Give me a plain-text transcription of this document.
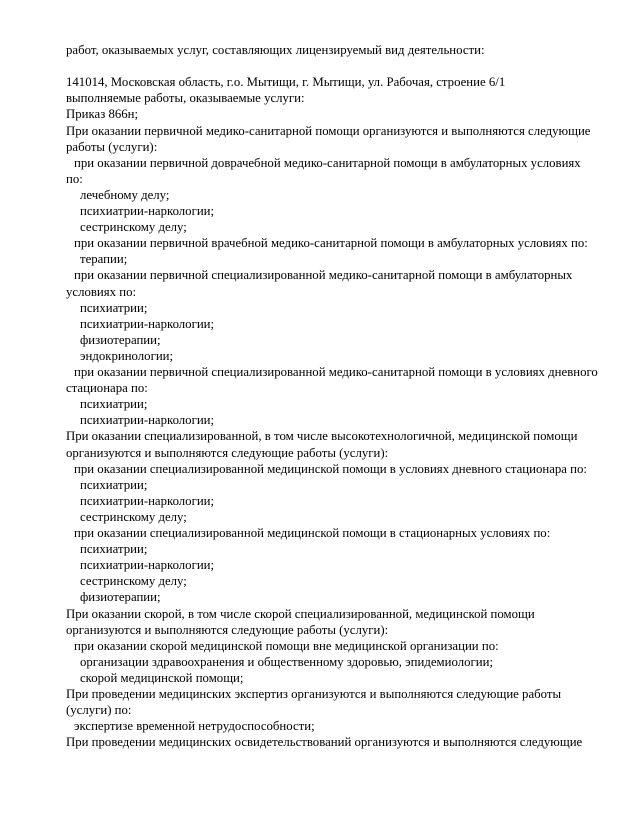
работ, оказываемых услуг, составляющих лицензируемый вид деятельности:
141014, Московская область, г.о. Мытищи, г. Мытищи, ул. Рабочая, строение 6/1
выполняемые работы, оказываемые услуги:
Приказ 866н;
При оказании первичной медико-санитарной помощи организуются и выполняются следующие
работы (услуги):
при оказании первичной доврачебной медико-санитарной помощи в амбулаторных условиях
по:
лечебному делу;
психиатрии-наркологии;
сестринскому делу;
при оказании первичной врачебной медико-санитарной помощи в амбулаторных условиях по:
терапии;
при оказании первичной специализированной медико-санитарной помощи в амбулаторных
условиях по:
психиатрии;
психиатрии-наркологии;
физиотерапии;
эндокринологии;
при оказании первичной специализированной медико-санитарной помощи в условиях дневного
стационара по:
психиатрии;
психиатрии-наркологии;
При оказании специализированной, в том числе высокотехнологичной, медицинской помощи
организуются и выполняются следующие работы (услуги):
при оказании специализированной медицинской помощи в условиях дневного стационара по:
психиатрии;
психиатрии-наркологии;
сестринскому делу;
при оказании специализированной медицинской помощи в стационарных условиях по:
психиатрии;
психиатрии-наркологии;
сестринскому делу;
физиотерапии;
При оказании скорой, в том числе скорой специализированной, медицинской помощи
организуются и выполняются следующие работы (услуги):
при оказании скорой медицинской помощи вне медицинской организации по:
организации здравоохранения и общественному здоровью, эпидемиологии;
скорой медицинской помощи;
При проведении медицинских экспертиз организуются и выполняются следующие работы
(услуги) по:
экспертизе временной нетрудоспособности;
При проведении медицинских освидетельствований организуются и выполняются следующие
